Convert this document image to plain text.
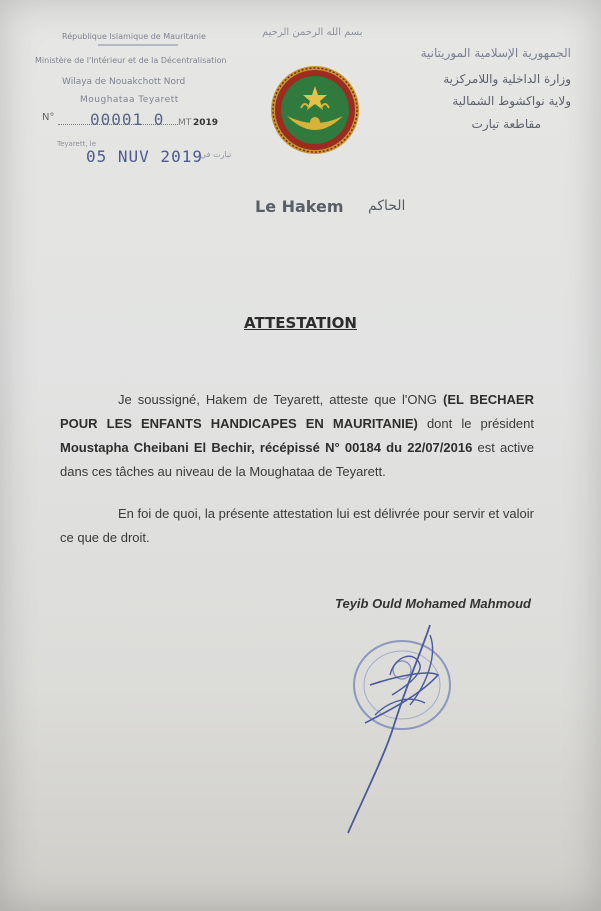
République Islamique de Mauritanie
Ministère de l'Intérieur et de la Décentralisation
Wilaya de Nouakchott Nord
Moughataa Teyarett
N° 00001 0 MT 2019
Teyarett, le
05 NUV 2019
تيارت في
بسم الله الرحمن الرحيم
الجمهورية الإسلامية الموريتانية
وزارة الداخلية واللامركزية
ولاية نواكشوط الشمالية
مقاطعة تيارت
Le Hakem الحاكم
ATTESTATION
Je soussigné, Hakem de Teyarett, atteste que l'ONG (EL BECHAER POUR LES ENFANTS HANDICAPES EN MAURITANIE) dont le président Moustapha Cheibani El Bechir, récépissé N° 00184 du 22/07/2016 est active dans ces tâches au niveau de la Moughataa de Teyarett.
En foi de quoi, la présente attestation lui est délivrée pour servir et valoir ce que de droit.
Teyib Ould Mohamed Mahmoud
